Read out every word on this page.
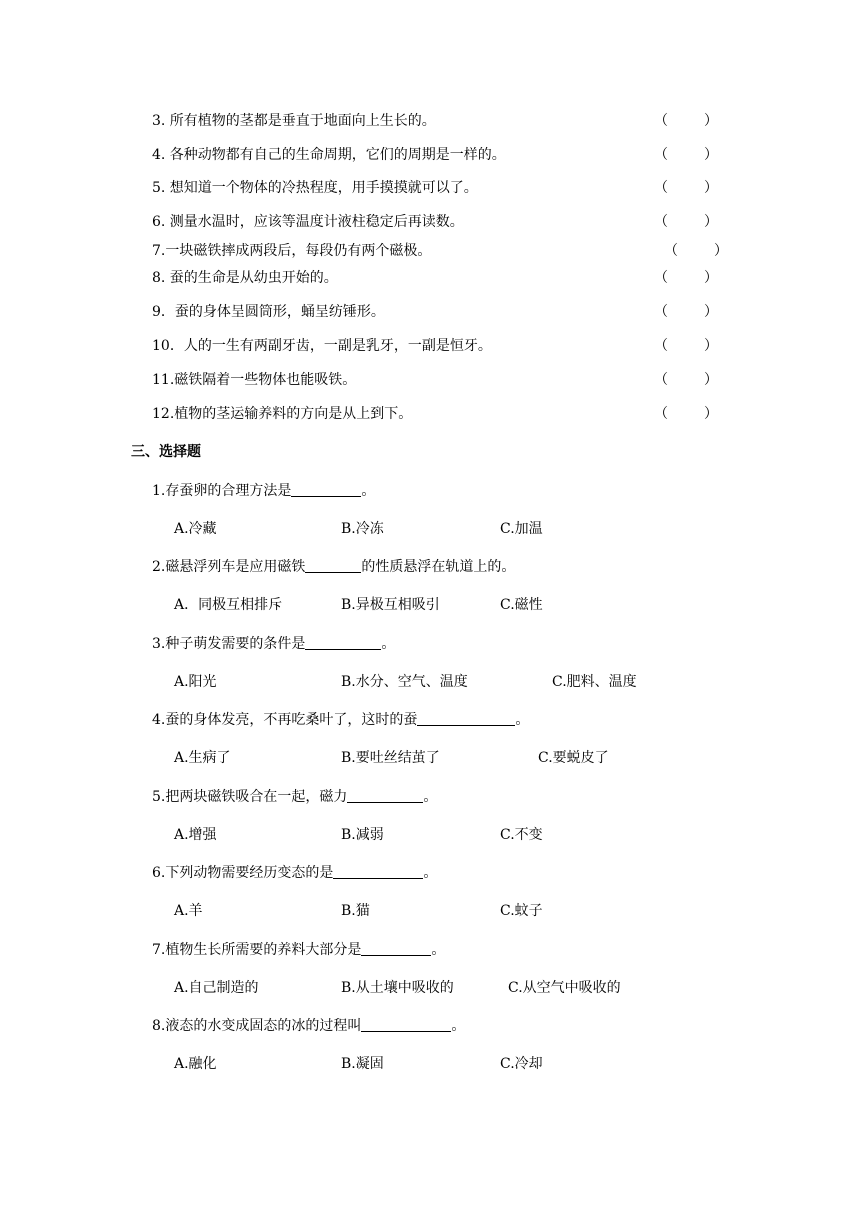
3. 所有植物的茎都是垂直于地面向上生长的。	（	）
4. 各种动物都有自己的生命周期，它们的周期是一样的。	（	）
5. 想知道一个物体的冷热程度，用手摸摸就可以了。	（	）
6. 测量水温时，应该等温度计液柱稳定后再读数。	（	）
7.一块磁铁摔成两段后，每段仍有两个磁极。	（	）
8. 蚕的生命是从幼虫开始的。	（	）
9．蚕的身体呈圆筒形，蛹呈纺锤形。	（	）
10．人的一生有两副牙齿，一副是乳牙，一副是恒牙。	（	）
11.磁铁隔着一些物体也能吸铁。	（	）
12.植物的茎运输养料的方向是从上到下。	（	）
三、选择题
1.存蚕卵的合理方法是	。
A.冷藏	B.冷冻	C.加温
2.磁悬浮列车是应用磁铁	的性质悬浮在轨道上的。
A．同极互相排斥	B.异极互相吸引	C.磁性
3.种子萌发需要的条件是	。
A.阳光	B.水分、空气、温度	C.肥料、温度
4.蚕的身体发亮，不再吃桑叶了，这时的蚕	。
A.生病了	B.要吐丝结茧了	C.要蜕皮了
5.把两块磁铁吸合在一起，磁力	。
A.增强	B.减弱	C.不变
6.下列动物需要经历变态的是	。
A.羊	B.猫	C.蚊子
7.植物生长所需要的养料大部分是	。
A.自己制造的	B.从土壤中吸收的	C.从空气中吸收的
8.液态的水变成固态的冰的过程叫	。
A.融化	B.凝固	C.冷却
